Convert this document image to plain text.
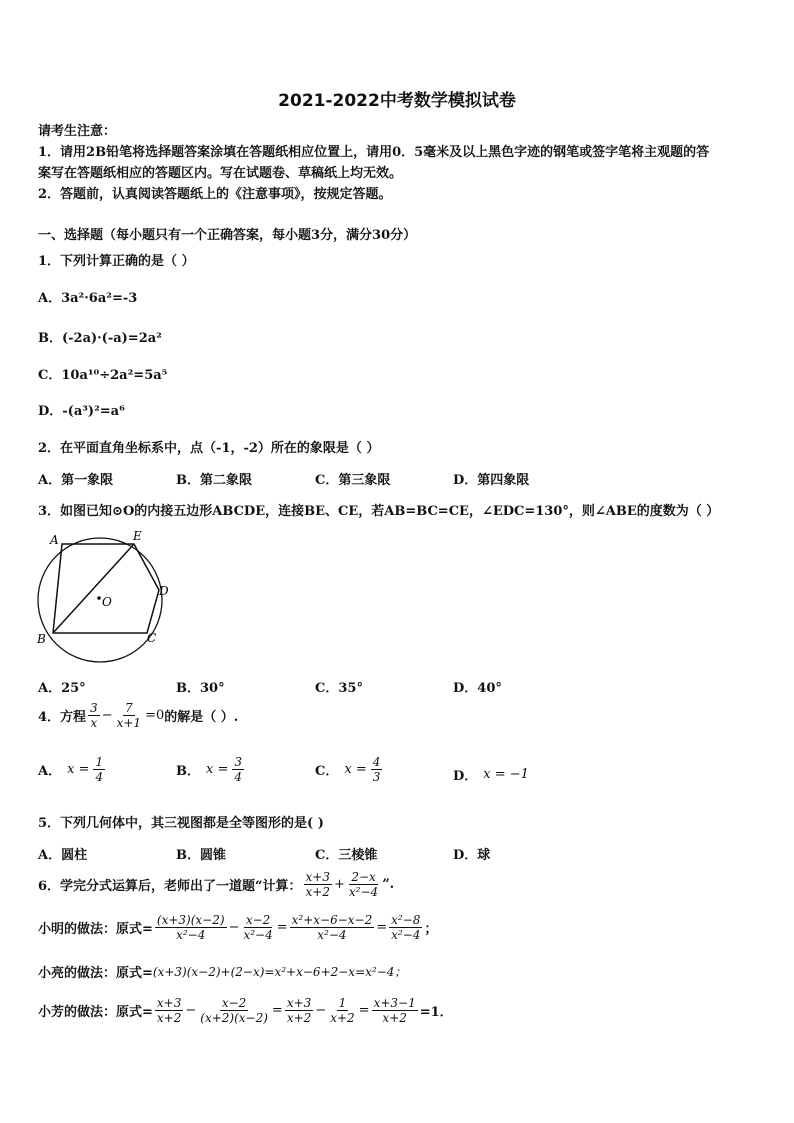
2021-2022中考数学模拟试卷
请考生注意：
1．请用2B铅笔将选择题答案涂填在答题纸相应位置上，请用0．5毫米及以上黑色字迹的钢笔或签字笔将主观题的答
案写在答题纸相应的答题区内。写在试题卷、草稿纸上均无效。
2．答题前，认真阅读答题纸上的《注意事项》，按规定答题。
一、选择题（每小题只有一个正确答案，每小题3分，满分30分）
1．下列计算正确的是（ ）
A．3a²·6a²=-3
B．(-2a)·(-a)=2a²
C．10a¹⁰÷2a²=5a⁵
D．-(a³)²=a⁶
2．在平面直角坐标系中，点（-1，-2）所在的象限是（ ）
A．第一象限	B．第二象限	C．第三象限	D．第四象限
3．如图已知⊙O的内接五边形ABCDE，连接BE、CE，若AB=BC=CE，∠EDC=130°，则∠ABE的度数为（ ）
A	E
D
C
B
O
A．25°	B．30°	C．35°	D．40°
4．方程 $\frac{3}{x} - \frac{7}{x+1} =0$ 的解是（ ）.
A． $x = \frac{1}{4}$	B． $x = \frac{3}{4}$	C． $x = \frac{4}{3}$	D． x = −1
5．下列几何体中，其三视图都是全等图形的是( )
A．圆柱	B．圆锥	C．三棱锥	D．球
6．学完分式运算后，老师出了一道题“计算： $\frac{x+3}{x+2} + \frac{2-x}{\text{x²−4}}$ ”.
小明的做法：原式= $\frac{(x+3)(x-2)}{\text{x²−4}} - \frac{x-2}{\text{x²−4}} = \frac{\text{x²+x−6−x−2}}{\text{x²−4}} = \frac{\text{x²−8}}{\text{x²−4}}$ ；
小亮的做法：原式= (x+3)(x−2)+(2−x)=x²+x−6+2−x=x²−4；
小芳的做法：原式= $\frac{x+3}{x+2} - \frac{x-2}{(x+2)(x-2)} = \frac{x+3}{x+2} - \frac{1}{x+2} = \frac{x+3-1}{x+2} =1$．
